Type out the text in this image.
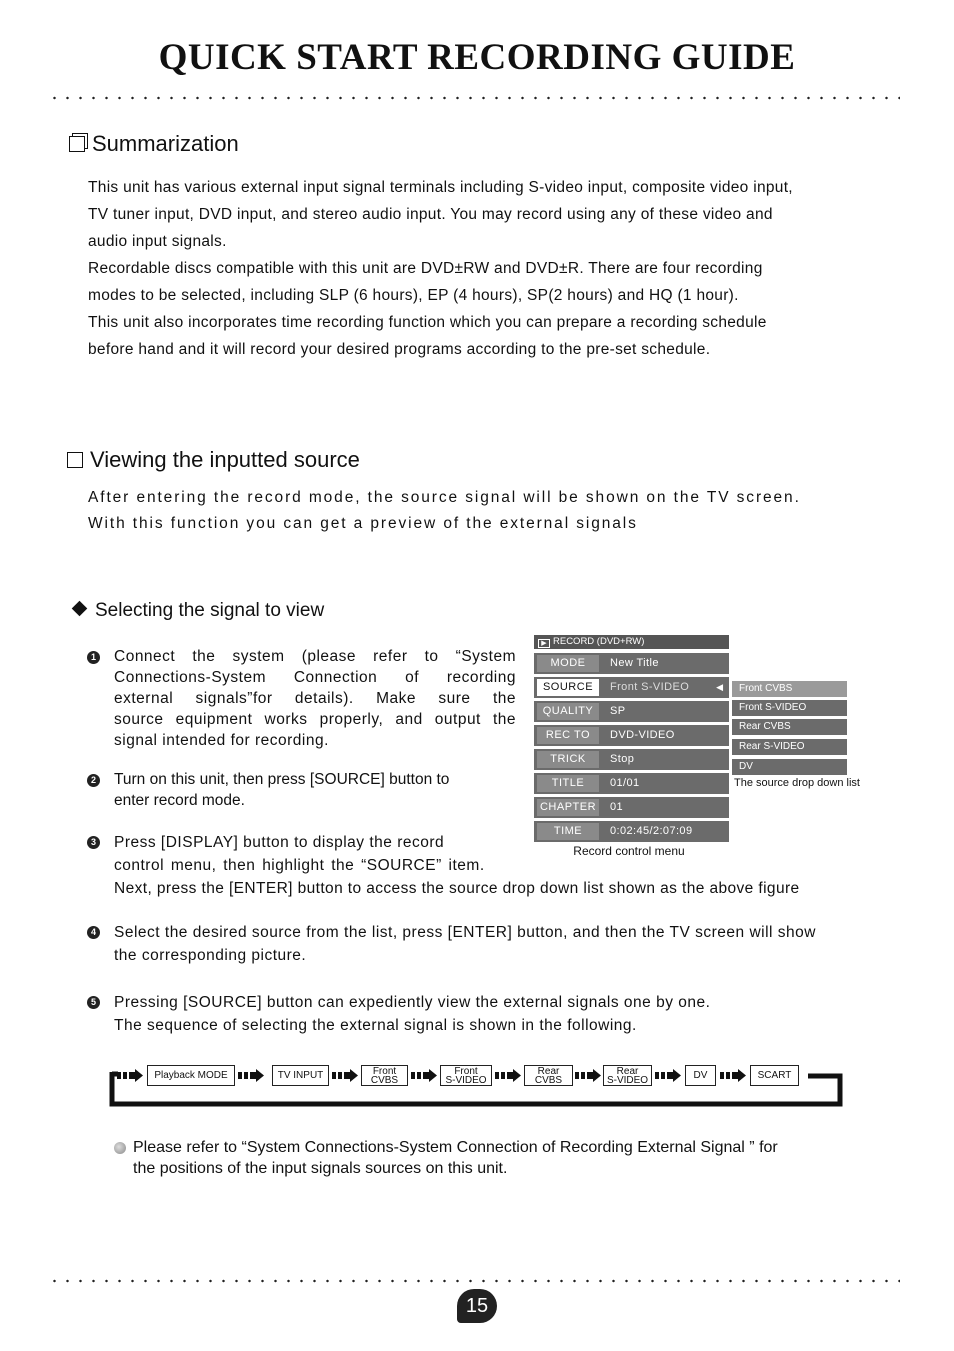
QUICK START RECORDING GUIDE
Summarization
This unit has various external input signal terminals including S-video input, composite video input,
TV tuner input, DVD input, and stereo audio input. You may record using any of these video and
audio input signals.
Recordable discs compatible with this unit are DVD±RW and DVD±R. There are four recording
modes to be selected, including SLP (6 hours), EP (4 hours), SP(2 hours) and HQ (1 hour).
This unit also incorporates time recording function which you can prepare a recording schedule
before hand and it will record your desired programs according to the pre-set schedule.
Viewing the inputted source
After entering the record mode, the source signal will be shown on the TV screen.
With this function you can get a preview of the external signals
Selecting the signal to view
1 Connect the system (please refer to “System
Connections-System Connection of recording
external signals”for details). Make sure the
source equipment works properly, and output the
signal intended for recording.
2 Turn on this unit, then press [SOURCE] button to
enter record mode.
3 Press [DISPLAY] button to display the record
control menu, then highlight the “SOURCE” item.
Next, press the [ENTER] button to access the source drop down list shown as the above figure
4 Select the desired source from the list, press [ENTER] button, and then the TV screen will show
the corresponding picture.
5 Pressing [SOURCE] button can expediently view the external signals one by one.
The sequence of selecting the external signal is shown in the following.
▶ RECORD (DVD+RW)
MODE	New Title
SOURCE	Front S-VIDEO	◀
QUALITY	SP
REC TO	DVD-VIDEO
TRICK	Stop
TITLE	01/01
CHAPTER 01
TIME	0:02:45/2:07:09
Record control menu
Front CVBS
Front S-VIDEO
Rear CVBS
Rear S-VIDEO
DV
The source drop down list
Playback MODE	TV INPUT	Front
CVBS
Front
S-VIDEO
Rear
CVBS
Rear
S-VIDEO	DV	SCART
Please refer to “System Connections-System Connection of Recording External Signal ” for
the positions of the input signals sources on this unit.
15
